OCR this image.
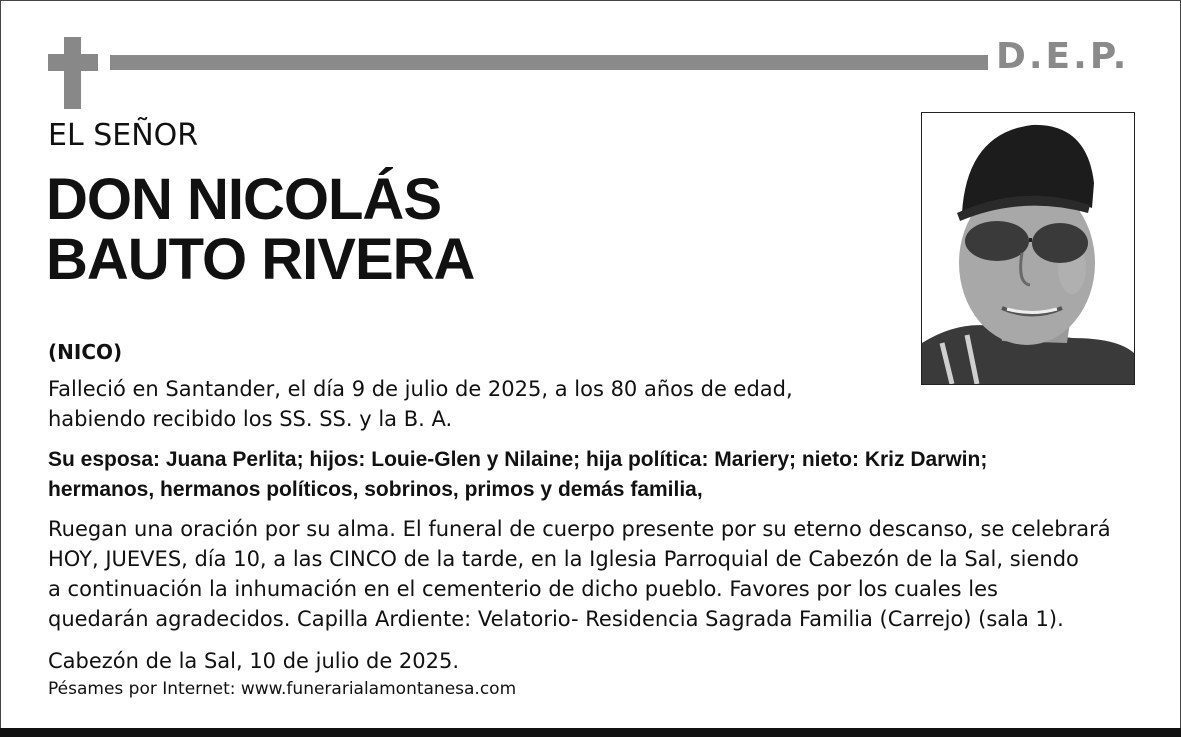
D.E.P.
EL SEÑOR
DON NICOLÁS
BAUTO RIVERA
(NICO)
Falleció en Santander, el día 9 de julio de 2025, a los 80 años de edad,
habiendo recibido los SS. SS. y la B. A.
Su esposa: Juana Perlita; hijos: Louie-Glen y Nilaine; hija política: Mariery; nieto: Kriz Darwin;
hermanos, hermanos políticos, sobrinos, primos y demás familia,
Ruegan una oración por su alma. El funeral de cuerpo presente por su eterno descanso, se celebrará
HOY, JUEVES, día 10, a las CINCO de la tarde, en la Iglesia Parroquial de Cabezón de la Sal, siendo
a continuación la inhumación en el cementerio de dicho pueblo. Favores por los cuales les
quedarán agradecidos. Capilla Ardiente: Velatorio- Residencia Sagrada Familia (Carrejo) (sala 1).
Cabezón de la Sal, 10 de julio de 2025.
Pésames por Internet: www.funerarialamontanesa.com
